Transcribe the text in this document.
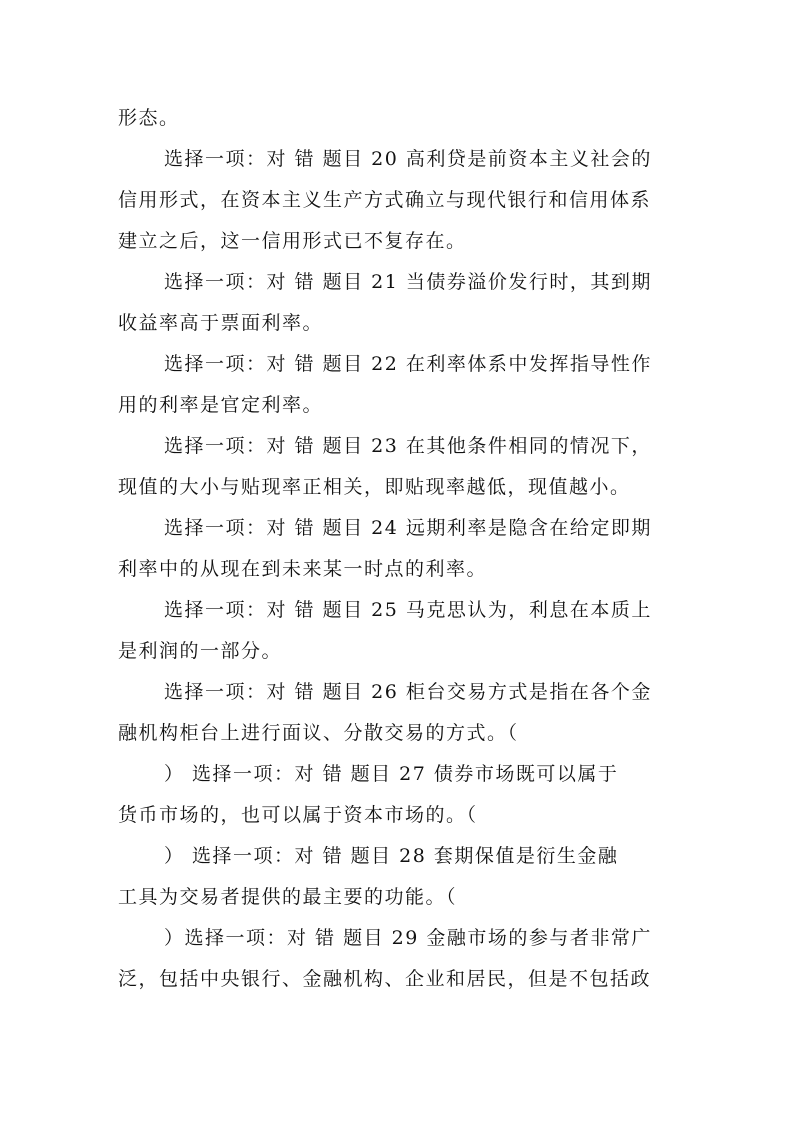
形态。
选择一项：对 错 题目 20 高利贷是前资本主义社会的
信用形式，在资本主义生产方式确立与现代银行和信用体系
建立之后，这一信用形式已不复存在。
选择一项：对 错 题目 21 当债券溢价发行时，其到期
收益率高于票面利率。
选择一项：对 错 题目 22 在利率体系中发挥指导性作
用的利率是官定利率。
选择一项：对 错 题目 23 在其他条件相同的情况下，
现值的大小与贴现率正相关，即贴现率越低，现值越小。
选择一项：对 错 题目 24 远期利率是隐含在给定即期
利率中的从现在到未来某一时点的利率。
选择一项：对 错 题目 25 马克思认为，利息在本质上
是利润的一部分。
选择一项：对 错 题目 26 柜台交易方式是指在各个金
融机构柜台上进行面议、分散交易的方式。（
） 选择一项：对 错 题目 27 债券市场既可以属于
货币市场的，也可以属于资本市场的。（
） 选择一项：对 错 题目 28 套期保值是衍生金融
工具为交易者提供的最主要的功能。（
）选择一项：对 错 题目 29 金融市场的参与者非常广
泛，包括中央银行、金融机构、企业和居民，但是不包括政
